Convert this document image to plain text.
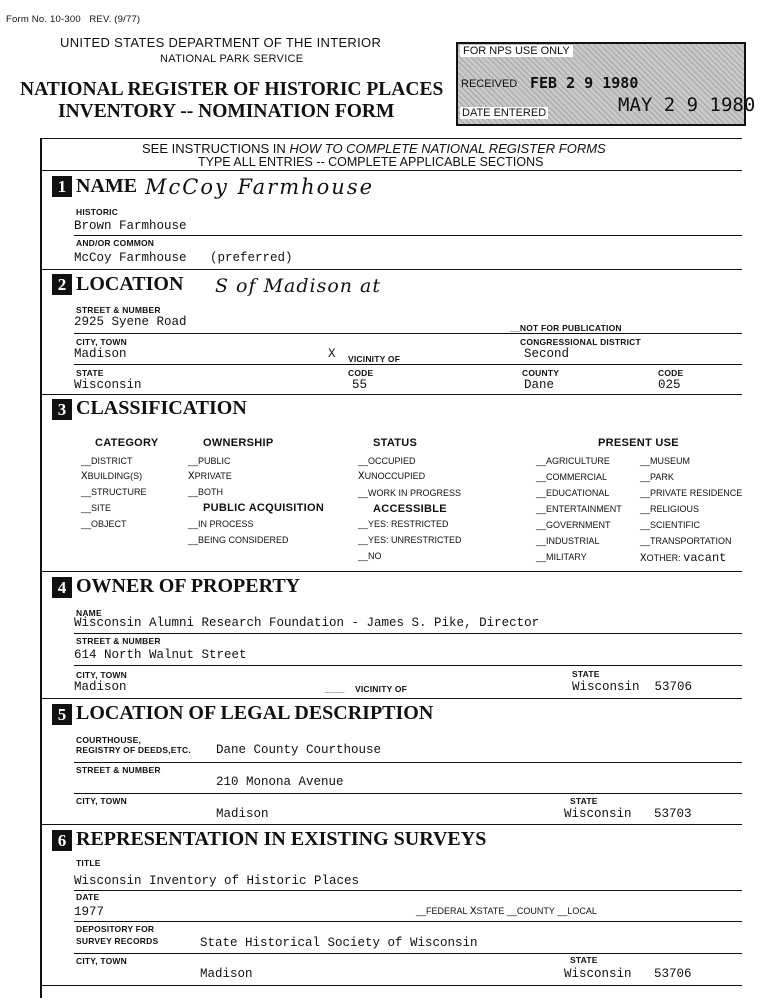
Form No. 10-300 REV. (9/77)
UNITED STATES DEPARTMENT OF THE INTERIOR
NATIONAL PARK SERVICE
NATIONAL REGISTER OF HISTORIC PLACES
INVENTORY -- NOMINATION FORM
FOR NPS USE ONLY
RECEIVED FEB 2 9 1980
DATE ENTERED	MAY 2 9 1980
SEE INSTRUCTIONS IN HOW TO COMPLETE NATIONAL REGISTER FORMS
TYPE ALL ENTRIES -- COMPLETE APPLICABLE SECTIONS
1 NAME McCoy Farmhouse
HISTORIC
Brown Farmhouse
AND/OR COMMON
McCoy Farmhouse (preferred)
2 LOCATION S of Madison at
STREET & NUMBER
2925 Syene Road	__NOT FOR PUBLICATION
CITY, TOWN
Madison	X VICINITY OF
CONGRESSIONAL DISTRICT
Second
STATE
Wisconsin
CODE
55
COUNTY
Dane
CODE
025
3 CLASSIFICATION
CATEGORY	OWNERSHIP	STATUS	PRESENT USE
__DISTRICT
XBUILDING(S)
__STRUCTURE
__SITE
__OBJECT
__PUBLIC
XPRIVATE
__BOTH
PUBLIC ACQUISITION
__IN PROCESS
__BEING CONSIDERED
__OCCUPIED
XUNOCCUPIED
__WORK IN PROGRESS
ACCESSIBLE
__YES: RESTRICTED
__YES: UNRESTRICTED
__NO
__AGRICULTURE
__COMMERCIAL
__EDUCATIONAL
__ENTERTAINMENT
__GOVERNMENT
__INDUSTRIAL
__MILITARY
__MUSEUM
__PARK
__PRIVATE RESIDENCE
__RELIGIOUS
__SCIENTIFIC
__TRANSPORTATION
XOTHER: vacant
4 OWNER OF PROPERTY
NAME
Wisconsin Alumni Research Foundation - James S. Pike, Director
STREET & NUMBER
614 North Walnut Street
CITY, TOWN
Madison	____    VICINITY OF
STATE
Wisconsin 53706
5 LOCATION OF LEGAL DESCRIPTION
COURTHOUSE,
REGISTRY OF DEEDS,ETC. Dane County Courthouse
STREET & NUMBER
210 Monona Avenue
CITY, TOWN
Madison
STATE
Wisconsin 53703
6 REPRESENTATION IN EXISTING SURVEYS
TITLE
Wisconsin Inventory of Historic Places
DATE
1977	__FEDERAL XSTATE __COUNTY __LOCAL
DEPOSITORY FOR
SURVEY RECORDS	State Historical Society of Wisconsin
CITY, TOWN
Madison
STATE
Wisconsin 53706
